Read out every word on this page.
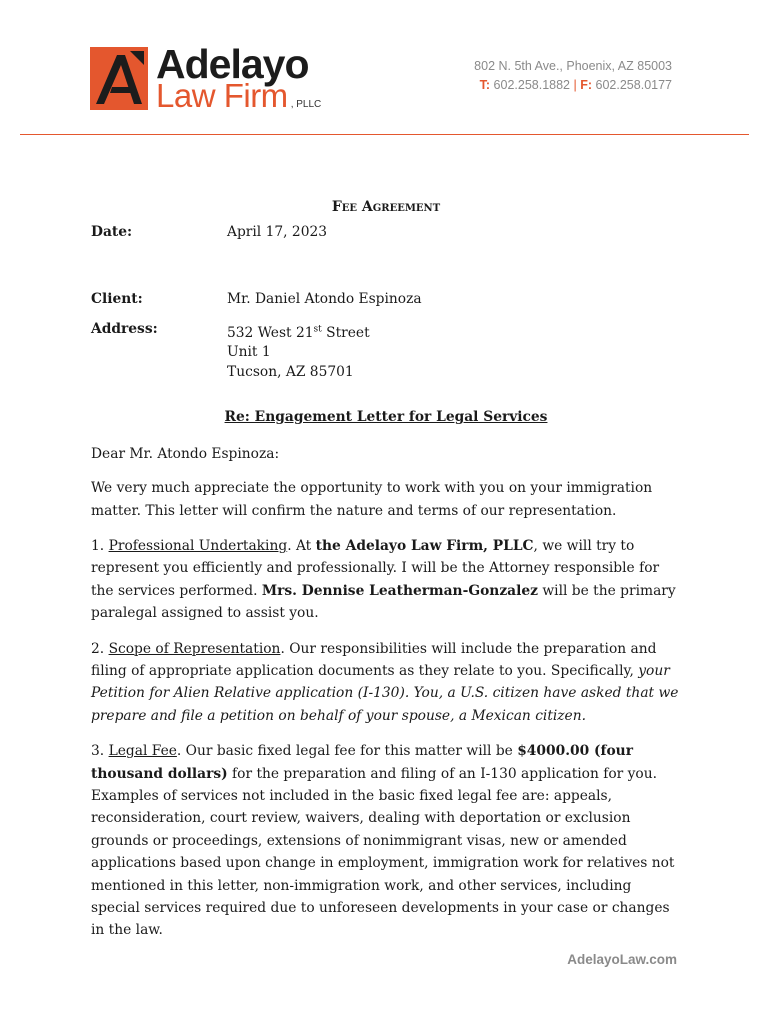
Adelayo
Law Firm , PLLC
802 N. 5th Ave., Phoenix, AZ 85003
T: 602.258.1882 | F: 602.258.0177

Fee Agreement

Date:	April 17, 2023
Client:	Mr. Daniel Atondo Espinoza
Address:	532 West 21st Street
Unit 1
Tucson, AZ 85701

Re: Engagement Letter for Legal Services

Dear Mr. Atondo Espinoza:

We very much appreciate the opportunity to work with you on your immigration matter. This letter will confirm the nature and terms of our representation.

1. Professional Undertaking. At the Adelayo Law Firm, PLLC, we will try to represent you efficiently and professionally. I will be the Attorney responsible for the services performed. Mrs. Dennise Leatherman-Gonzalez will be the primary paralegal assigned to assist you.

2. Scope of Representation. Our responsibilities will include the preparation and filing of appropriate application documents as they relate to you. Specifically, your Petition for Alien Relative application (I-130). You, a U.S. citizen have asked that we prepare and file a petition on behalf of your spouse, a Mexican citizen.

3. Legal Fee. Our basic fixed legal fee for this matter will be $4000.00 (four thousand dollars) for the preparation and filing of an I-130 application for you. Examples of services not included in the basic fixed legal fee are: appeals, reconsideration, court review, waivers, dealing with deportation or exclusion grounds or proceedings, extensions of nonimmigrant visas, new or amended applications based upon change in employment, immigration work for relatives not mentioned in this letter, non-immigration work, and other services, including special services required due to unforeseen developments in your case or changes in the law.

AdelayoLaw.com
